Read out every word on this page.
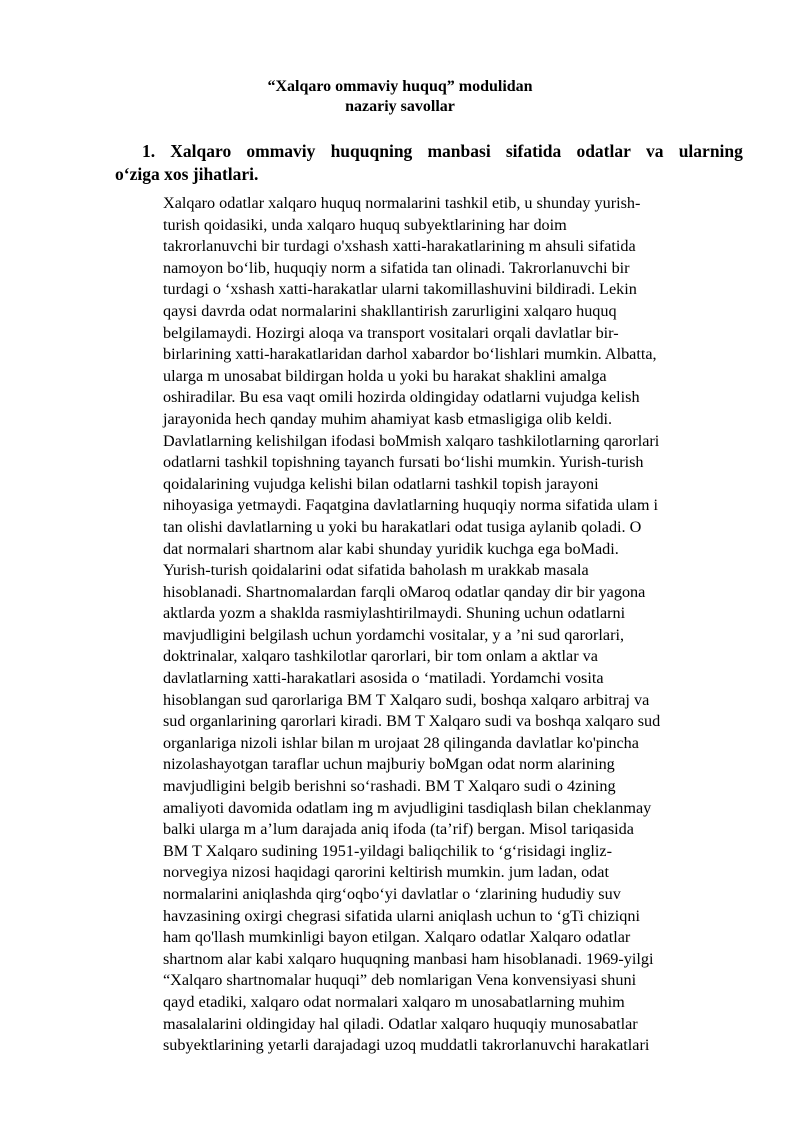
“Xalqaro ommaviy huquq” modulidan
nazariy savollar
1. Xalqaro ommaviy huquqning manbasi sifatida odatlar va ularning
o‘ziga xos jihatlari.
Xalqaro odatlar xalqaro huquq normalarini tashkil etib, u shunday yurish-
turish qoidasiki, unda xalqaro huquq subyektlarining har doim
takrorlanuvchi bir turdagi o'xshash xatti-harakatlarining m ahsuli sifatida
namoyon bo‘lib, huquqiy norm a sifatida tan olinadi. Takrorlanuvchi bir
turdagi o ‘xshash xatti-harakatlar ularni takomillashuvini bildiradi. Lekin
qaysi davrda odat normalarini shakllantirish zarurligini xalqaro huquq
belgilamaydi. Hozirgi aloqa va transport vositalari orqali davlatlar bir-
birlarining xatti-harakatlaridan darhol xabardor bo‘lishlari mumkin. Albatta,
ularga m unosabat bildirgan holda u yoki bu harakat shaklini amalga
oshiradilar. Bu esa vaqt omili hozirda oldingiday odatlarni vujudga kelish
jarayonida hech qanday muhim ahamiyat kasb etmasligiga olib keldi.
Davlatlarning kelishilgan ifodasi boMmish xalqaro tashkilotlarning qarorlari
odatlarni tashkil topishning tayanch fursati bo‘lishi mumkin. Yurish-turish
qoidalarining vujudga kelishi bilan odatlarni tashkil topish jarayoni
nihoyasiga yetmaydi. Faqatgina davlatlarning huquqiy norma sifatida ulam i
tan olishi davlatlarning u yoki bu harakatlari odat tusiga aylanib qoladi. O
dat normalari shartnom alar kabi shunday yuridik kuchga ega boMadi.
Yurish-turish qoidalarini odat sifatida baholash m urakkab masala
hisoblanadi. Shartnomalardan farqli oMaroq odatlar qanday dir bir yagona
aktlarda yozm a shaklda rasmiylashtirilmaydi. Shuning uchun odatlarni
mavjudligini belgilash uchun yordamchi vositalar, y a ’ni sud qarorlari,
doktrinalar, xalqaro tashkilotlar qarorlari, bir tom onlam a aktlar va
davlatlarning xatti-harakatlari asosida o ‘matiladi. Yordamchi vosita
hisoblangan sud qarorlariga BM T Xalqaro sudi, boshqa xalqaro arbitraj va
sud organlarining qarorlari kiradi. BM T Xalqaro sudi va boshqa xalqaro sud
organlariga nizoli ishlar bilan m urojaat 28 qilinganda davlatlar ko'pincha
nizolashayotgan taraflar uchun majburiy boMgan odat norm alarining
mavjudligini belgib berishni so‘rashadi. BM T Xalqaro sudi o 4zining
amaliyoti davomida odatlam ing m avjudligini tasdiqlash bilan cheklanmay
balki ularga m a’lum darajada aniq ifoda (ta’rif) bergan. Misol tariqasida
BM T Xalqaro sudining 1951-yildagi baliqchilik to ‘g‘risidagi ingliz-
norvegiya nizosi haqidagi qarorini keltirish mumkin. jum ladan, odat
normalarini aniqlashda qirg‘oqbo‘yi davlatlar o ‘zlarining hududiy suv
havzasining oxirgi chegrasi sifatida ularni aniqlash uchun to ‘gTi chiziqni
ham qo'llash mumkinligi bayon etilgan. Xalqaro odatlar Xalqaro odatlar
shartnom alar kabi xalqaro huquqning manbasi ham hisoblanadi. 1969-yilgi
“Xalqaro shartnomalar huquqi” deb nomlarigan Vena konvensiyasi shuni
qayd etadiki, xalqaro odat normalari xalqaro m unosabatlarning muhim
masalalarini oldingiday hal qiladi. Odatlar xalqaro huquqiy munosabatlar
subyektlarining yetarli darajadagi uzoq muddatli takrorlanuvchi harakatlari
